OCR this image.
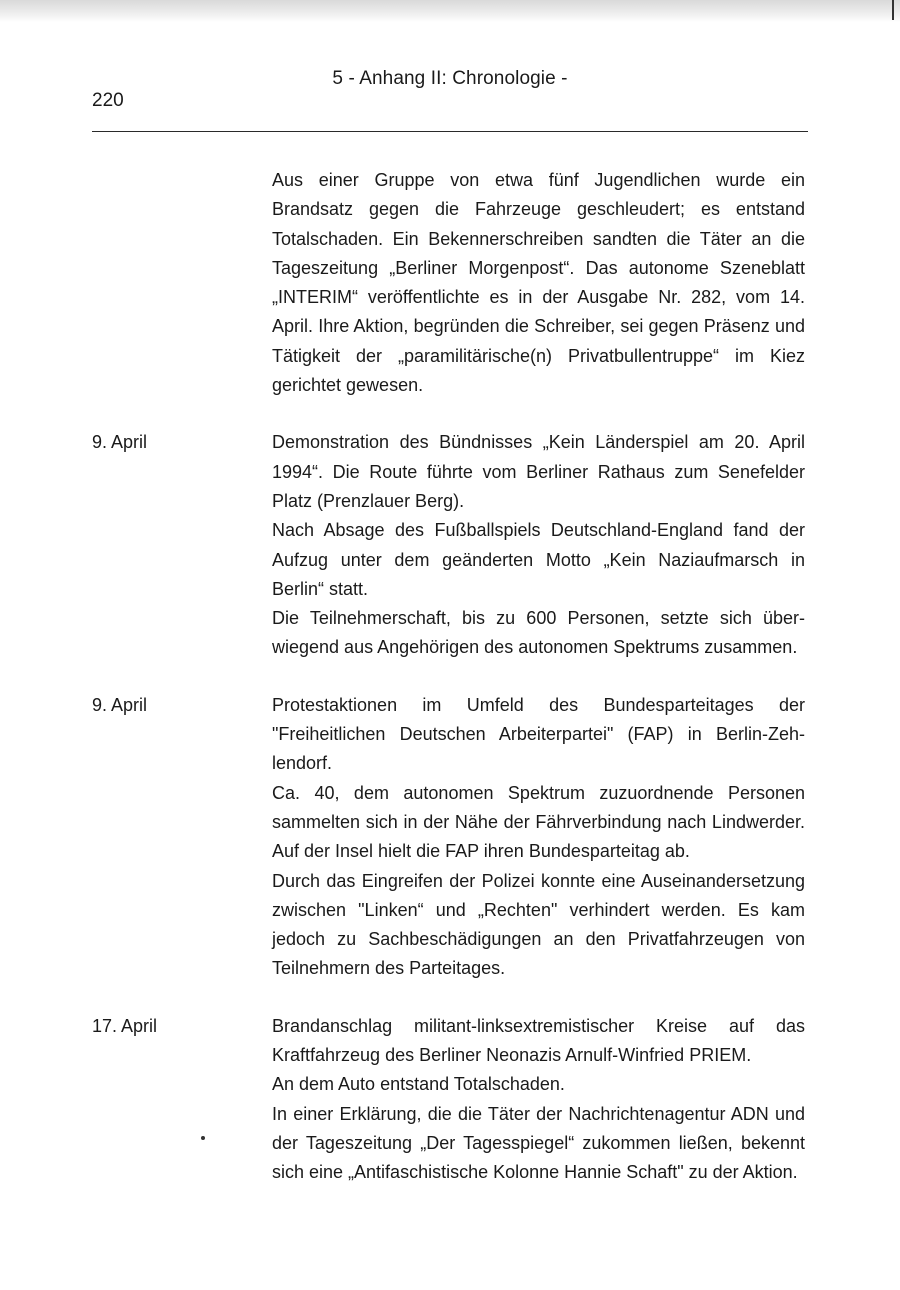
5 - Anhang II: Chronologie -
220

Aus einer Gruppe von etwa fünf Jugendlichen wurde ein Brandsatz gegen die Fahrzeuge geschleudert; es entstand Totalschaden. Ein Bekennerschreiben sandten die Täter an die Tageszeitung „Berliner Morgenpost“. Das autonome Szeneblatt „INTERIM“ veröffentlichte es in der Ausgabe Nr. 282, vom 14. April. Ihre Aktion, begründen die Schreiber, sei gegen Präsenz und Tätigkeit der „paramilitärische(n) Privatbullentruppe“ im Kiez gerichtet gewesen.

9. April	Demonstration des Bündnisses „Kein Länderspiel am 20. April 1994“. Die Route führte vom Berliner Rathaus zum Senefelder Platz (Prenzlauer Berg).

Nach Absage des Fußballspiels Deutschland-England fand der Aufzug unter dem geänderten Motto „Kein Naziaufmarsch in Berlin“ statt.

Die Teilnehmerschaft, bis zu 600 Personen, setzte sich überwiegend aus Angehörigen des autonomen Spektrums zusammen.

9. April	Protestaktionen im Umfeld des Bundesparteitages der "Freiheitlichen Deutschen Arbeiterpartei" (FAP) in Berlin-Zehlendorf.

Ca. 40, dem autonomen Spektrum zuzuordnende Personen sammelten sich in der Nähe der Fährverbindung nach Lindwerder. Auf der Insel hielt die FAP ihren Bundesparteitag ab.

Durch das Eingreifen der Polizei konnte eine Auseinandersetzung zwischen "Linken“ und „Rechten" verhindert werden. Es kam jedoch zu Sachbeschädigungen an den Privatfahrzeugen von Teilnehmern des Parteitages.

17. April	Brandanschlag militant-linksextremistischer Kreise auf das Kraftfahrzeug des Berliner Neonazis Arnulf-Winfried PRIEM.

An dem Auto entstand Totalschaden.

In einer Erklärung, die die Täter der Nachrichtenagentur ADN und der Tageszeitung „Der Tagesspiegel“ zukommen ließen, bekennt sich eine „Antifaschistische Kolonne Hannie Schaft" zu der Aktion.
